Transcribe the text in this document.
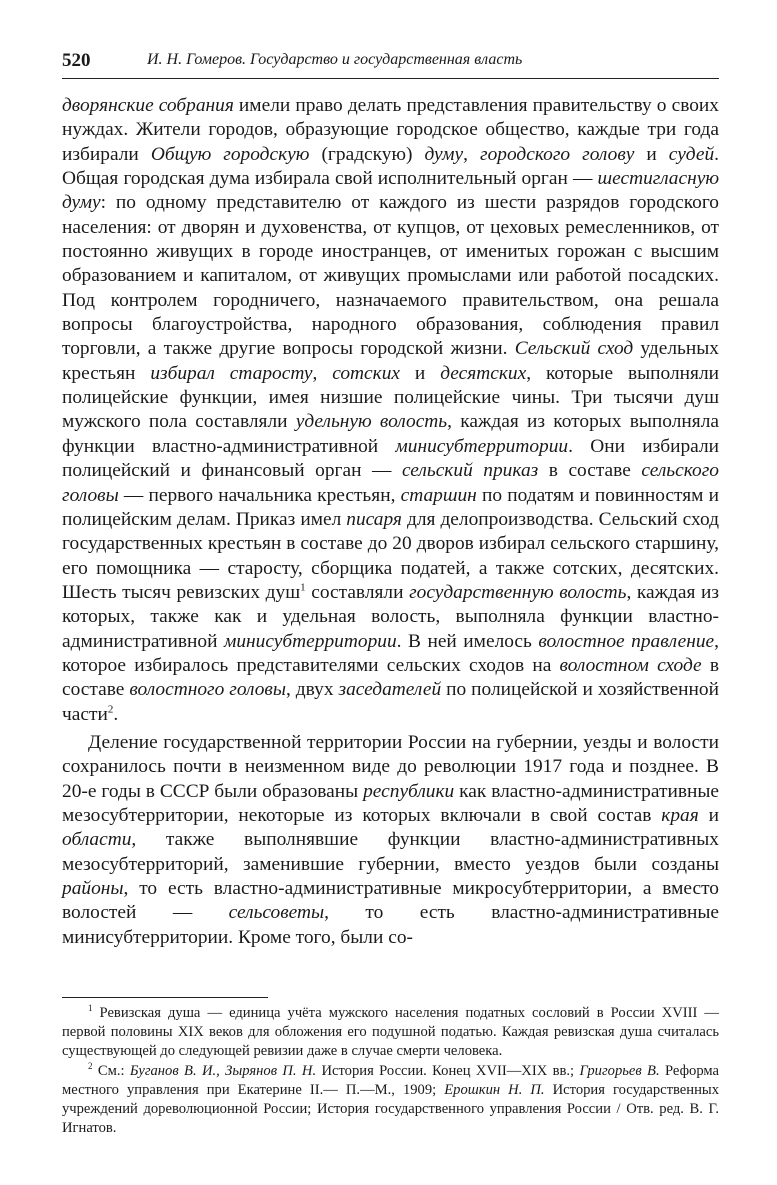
520	И. Н. Гомеров. Государство и государственная власть

дворянские собрания имели право делать представления правительству о своих нуждах. Жители городов, образующие городское общество, каждые три года избирали Общую городскую (градскую) думу, городского голову и судей. Общая городская дума избирала свой исполнительный орган — шестигласную думу: по одному представителю от каждого из шести разрядов городского населения: от дворян и духовенства, от купцов, от цеховых ремесленников, от постоянно живущих в городе иностранцев, от именитых горожан с высшим образованием и капиталом, от живущих промыслами или работой посадских. Под контролем городничего, назначаемого правительством, она решала вопросы благоустройства, народного образования, соблюдения правил торговли, а также другие вопросы городской жизни. Сельский сход удельных крестьян избирал старосту, сотских и десятских, которые выполняли полицейские функции, имея низшие полицейские чины. Три тысячи душ мужского пола составляли удельную волость, каждая из которых выполняла функции властно-административной минисубтерритории. Они избирали полицейский и финансовый орган — сельский приказ в составе сельского головы — первого начальника крестьян, старшин по податям и повинностям и полицейским делам. Приказ имел писаря для делопроизводства. Сельский сход государственных крестьян в составе до 20 дворов избирал сельского старшину, его помощника — старосту, сборщика податей, а также сотских, десятских. Шесть тысяч ревизских душ$^1$ составляли государственную волость, каждая из которых, также как и удельная волость, выполняла функции властно-административной минисубтерритории. В ней имелось волостное правление, которое избиралось представителями сельских сходов на волостном сходе в составе волостного головы, двух заседателей по полицейской и хозяйственной части$^2$.

Деление государственной территории России на губернии, уезды и волости сохранилось почти в неизменном виде до революции 1917 года и позднее. В 20-е годы в СССР были образованы республики как властно-административные мезосубтерритории, некоторые из которых включали в свой состав края и области, также выполнявшие функции властно-административных мезосубтерриторий, заменившие губернии, вместо уездов были созданы районы, то есть властно-административные микросубтерритории, а вместо волостей — сельсоветы, то есть властно-административные минисубтерритории. Кроме того, были со-

$^1$ Ревизская душа — единица учёта мужского населения податных сословий в России XVIII — первой половины XIX веков для обложения его подушной податью. Каждая ревизская душа считалась существующей до следующей ревизии даже в случае смерти человека.

$^2$ См.: Буганов В. И., Зырянов П. Н. История России. Конец XVII—XIX вв.; Григорьев В. Реформа местного управления при Екатерине II.— П.—М., 1909; Ерошкин Н. П. История государственных учреждений дореволюционной России; История государственного управления России / Отв. ред. В. Г. Игнатов.
